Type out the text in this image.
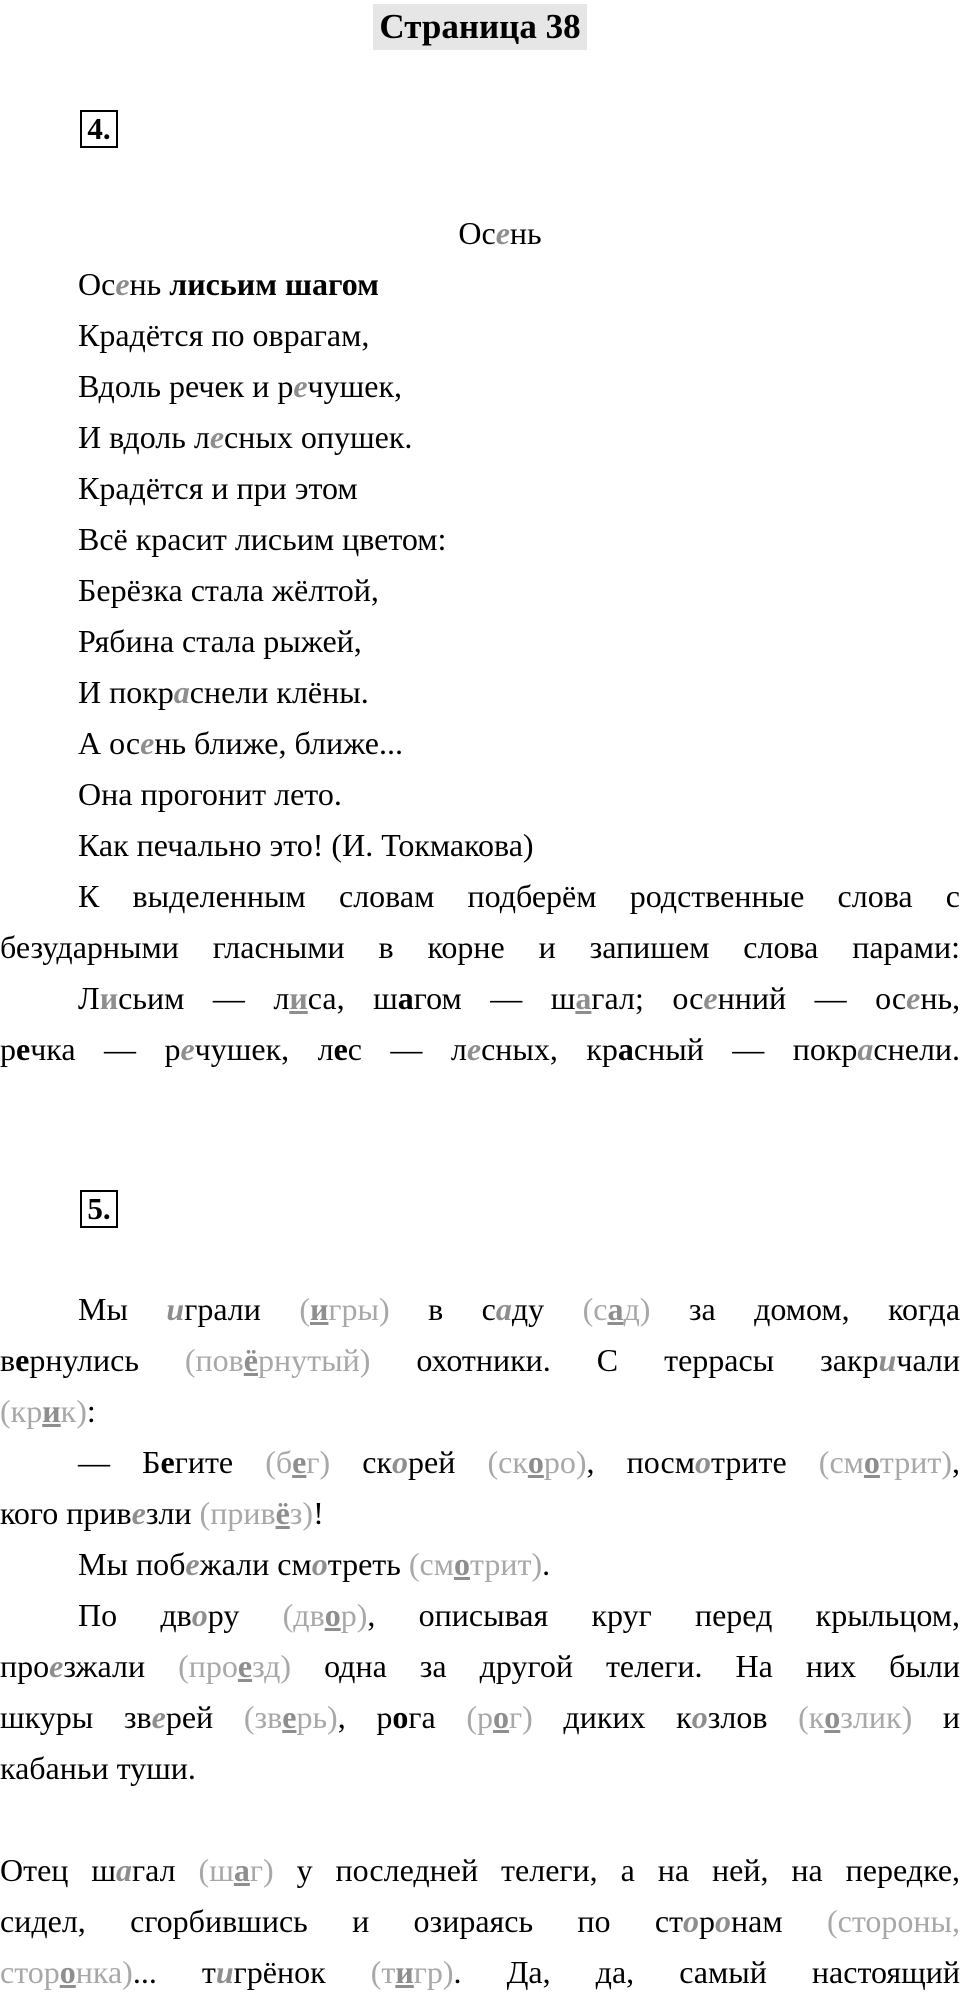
Страница 38
4.

Осень

Осень лисьим шагом

Крадётся по оврагам,

Вдоль речек и речушек,

И вдоль лесных опушек.

Крадётся и при этом

Всё красит лисьим цветом:

Берёзка стала жёлтой,

Рябина стала рыжей,

И покраснели клёны.

А осень ближе, ближе...

Она прогонит лето.

Как печально это! (И. Токмакова)

К выделенным словам подберём родственные слова с безударными гласными в корне и запишем слова парами:

Лисьим — лиса, шагом — шагал; осенний — осень,

речка — речушек, лес — лесных, красный — покраснели.

5.

Мы играли (игры) в саду (сад) за домом, когда

вернулись (повёрнутый) охотники. С террасы закричали

(крик):

— Бегите (бег) скорей (скоро), посмотрите (смотрит),

кого привезли (привёз)!

Мы побежали смотреть (смотрит).

По двору (двор), описывая круг перед крыльцом,

проезжали (проезд) одна за другой телеги. На них были

шкуры зверей (зверь), рога (рог) диких козлов (козлик) и

кабаньи туши.

Отец шагал (шаг) у последней телеги, а на ней, на передке,

сидел, сгорбившись и озираясь по сторонам (стороны,

сторонка)... тигрёнок (тигр). Да, да, самый настоящий
